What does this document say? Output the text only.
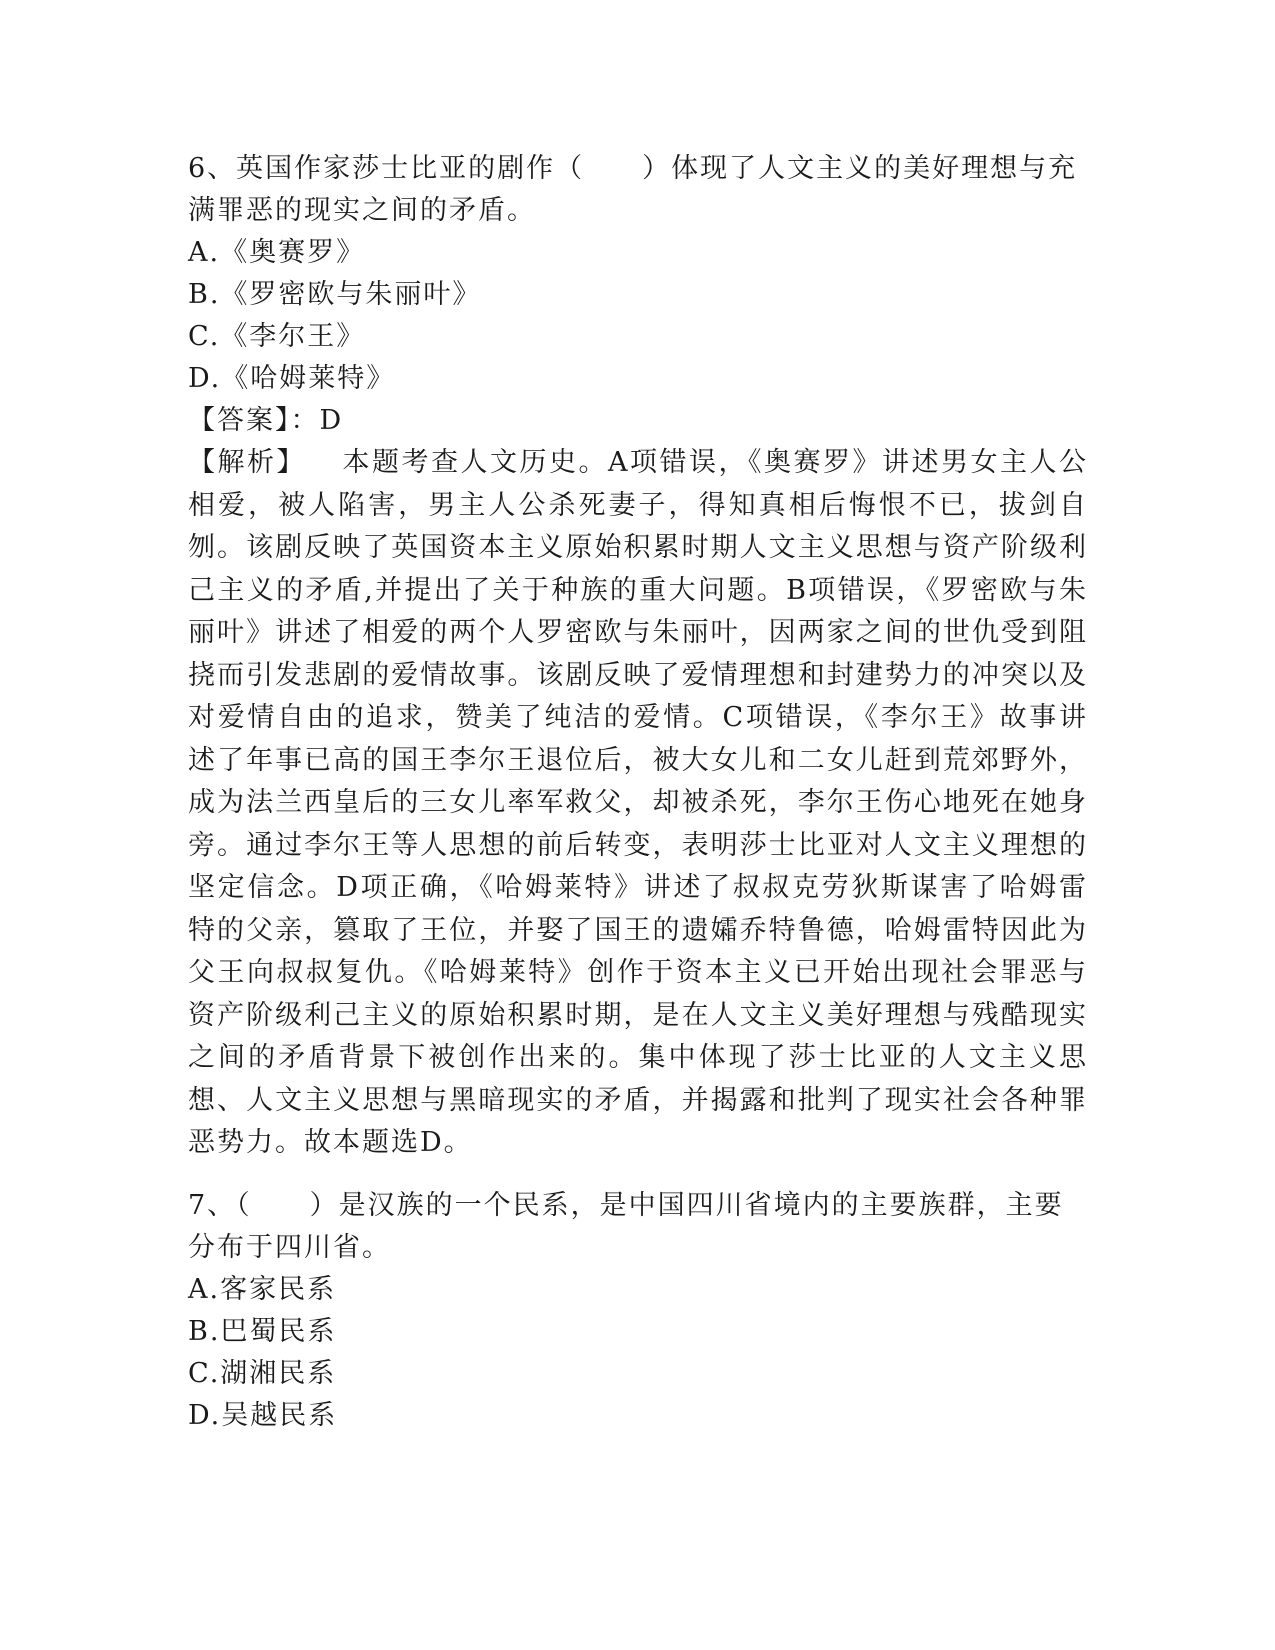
6、英国作家莎士比亚的剧作（　　）体现了人文主义的美好理想与充满罪恶的现实之间的矛盾。

A.《奥赛罗》

B.《罗密欧与朱丽叶》

C.《李尔王》

D.《哈姆莱特》

【答案】：D

【解析】 本题考查人文历史。A项错误，《奥赛罗》讲述男女主人公相爱，被人陷害，男主人公杀死妻子，得知真相后悔恨不已，拔剑自刎。该剧反映了英国资本主义原始积累时期人文主义思想与资产阶级利己主义的矛盾,并提出了关于种族的重大问题。B项错误，《罗密欧与朱丽叶》讲述了相爱的两个人罗密欧与朱丽叶，因两家之间的世仇受到阻挠而引发悲剧的爱情故事。该剧反映了爱情理想和封建势力的冲突以及对爱情自由的追求，赞美了纯洁的爱情。C项错误，《李尔王》故事讲述了年事已高的国王李尔王退位后，被大女儿和二女儿赶到荒郊野外，成为法兰西皇后的三女儿率军救父，却被杀死，李尔王伤心地死在她身旁。通过李尔王等人思想的前后转变，表明莎士比亚对人文主义理想的坚定信念。D项正确，《哈姆莱特》讲述了叔叔克劳狄斯谋害了哈姆雷特的父亲，篡取了王位，并娶了国王的遗孀乔特鲁德，哈姆雷特因此为父王向叔叔复仇。《哈姆莱特》创作于资本主义已开始出现社会罪恶与资产阶级利己主义的原始积累时期，是在人文主义美好理想与残酷现实之间的矛盾背景下被创作出来的。集中体现了莎士比亚的人文主义思想、人文主义思想与黑暗现实的矛盾，并揭露和批判了现实社会各种罪恶势力。故本题选D。

7、（　　）是汉族的一个民系，是中国四川省境内的主要族群，主要分布于四川省。

A.客家民系

B.巴蜀民系

C.湖湘民系

D.吴越民系
